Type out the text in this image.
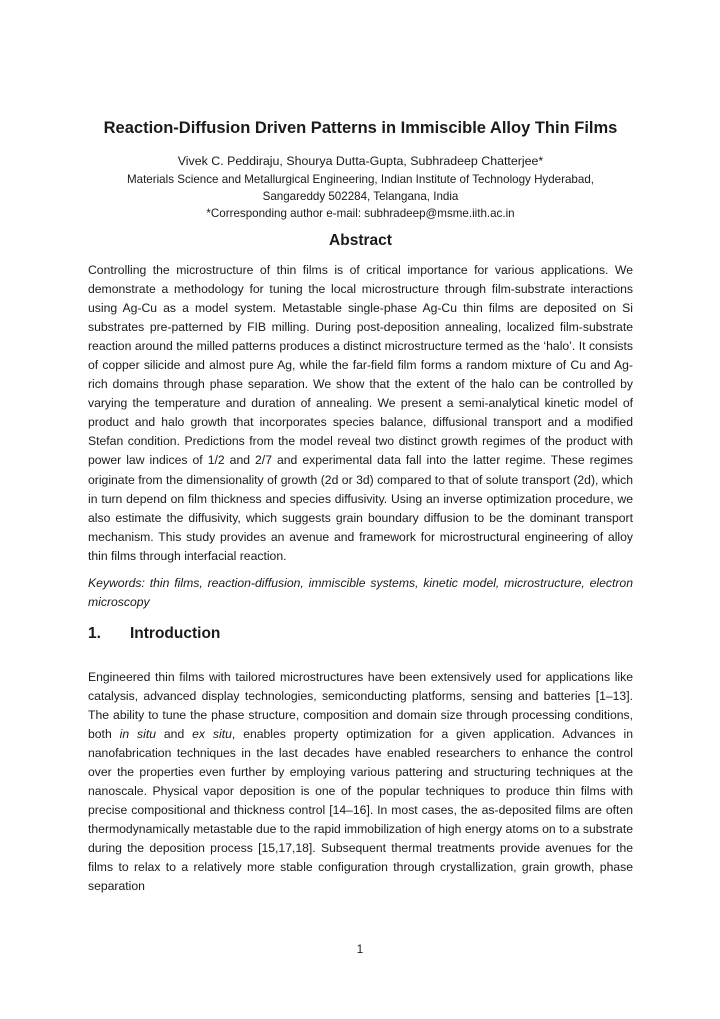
Reaction-Diffusion Driven Patterns in Immiscible Alloy Thin Films
Vivek C. Peddiraju, Shourya Dutta-Gupta, Subhradeep Chatterjee*
Materials Science and Metallurgical Engineering, Indian Institute of Technology Hyderabad,
Sangareddy 502284, Telangana, India
*Corresponding author e-mail: subhradeep@msme.iith.ac.in
Abstract

Controlling the microstructure of thin films is of critical importance for various applications. We demonstrate a methodology for tuning the local microstructure through film-substrate interactions using Ag-Cu as a model system. Metastable single-phase Ag-Cu thin films are deposited on Si substrates pre-patterned by FIB milling. During post-deposition annealing, localized film-substrate reaction around the milled patterns produces a distinct microstructure termed as the ‘halo’. It consists of copper silicide and almost pure Ag, while the far-field film forms a random mixture of Cu and Ag-rich domains through phase separation. We show that the extent of the halo can be controlled by varying the temperature and duration of annealing. We present a semi-analytical kinetic model of product and halo growth that incorporates species balance, diffusional transport and a modified Stefan condition. Predictions from the model reveal two distinct growth regimes of the product with power law indices of 1/2 and 2/7 and experimental data fall into the latter regime. These regimes originate from the dimensionality of growth (2d or 3d) compared to that of solute transport (2d), which in turn depend on film thickness and species diffusivity. Using an inverse optimization procedure, we also estimate the diffusivity, which suggests grain boundary diffusion to be the dominant transport mechanism. This study provides an avenue and framework for microstructural engineering of alloy thin films through interfacial reaction.

Keywords: thin films, reaction-diffusion, immiscible systems, kinetic model, microstructure, electron microscopy

1.	Introduction

Engineered thin films with tailored microstructures have been extensively used for applications like catalysis, advanced display technologies, semiconducting platforms, sensing and batteries [1–13]. The ability to tune the phase structure, composition and domain size through processing conditions, both in situ and ex situ, enables property optimization for a given application. Advances in nanofabrication techniques in the last decades have enabled researchers to enhance the control over the properties even further by employing various pattering and structuring techniques at the nanoscale. Physical vapor deposition is one of the popular techniques to produce thin films with precise compositional and thickness control [14–16]. In most cases, the as-deposited films are often thermodynamically metastable due to the rapid immobilization of high energy atoms on to a substrate during the deposition process [15,17,18]. Subsequent thermal treatments provide avenues for the films to relax to a relatively more stable configuration through crystallization, grain growth, phase separation

1
